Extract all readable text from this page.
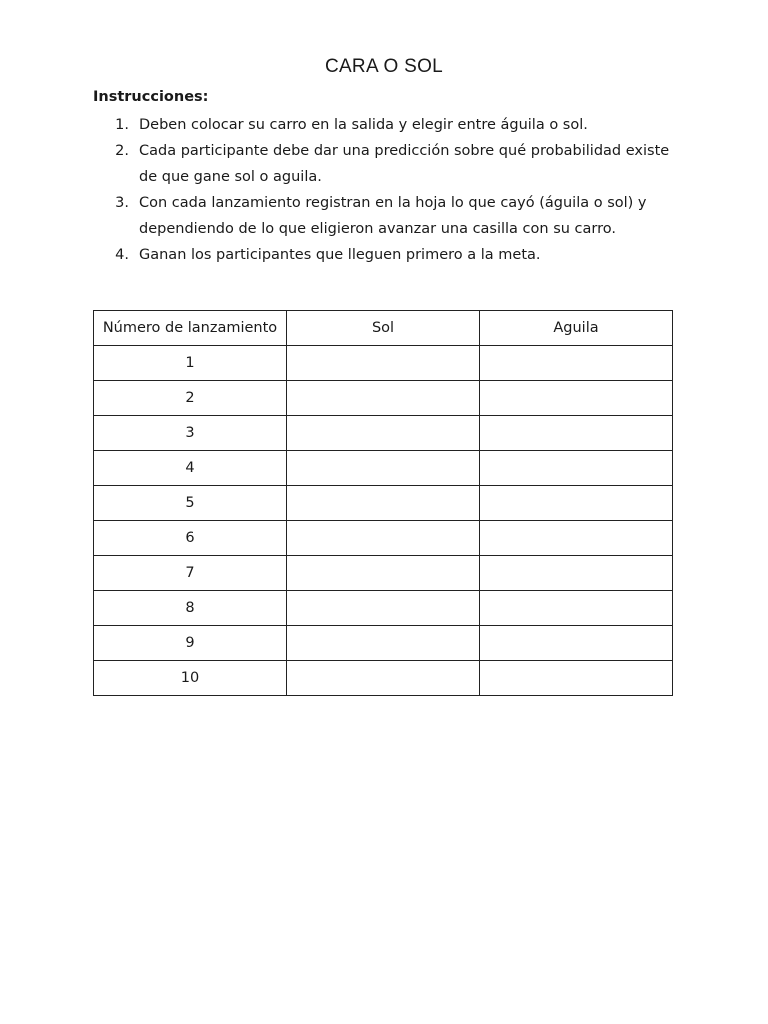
CARA O SOL
Instrucciones:
1. Deben colocar su carro en la salida y elegir entre águila o sol.
2. Cada participante debe dar una predicción sobre qué probabilidad existe de que gane sol o aguila.
3. Con cada lanzamiento registran en la hoja lo que cayó (águila o sol) y dependiendo de lo que eligieron avanzar una casilla con su carro.
4. Ganan los participantes que lleguen primero a la meta.
Número de lanzamiento	Sol	Aguila
1		
2		
3		
4		
5		
6		
7		
8		
9		
10		
